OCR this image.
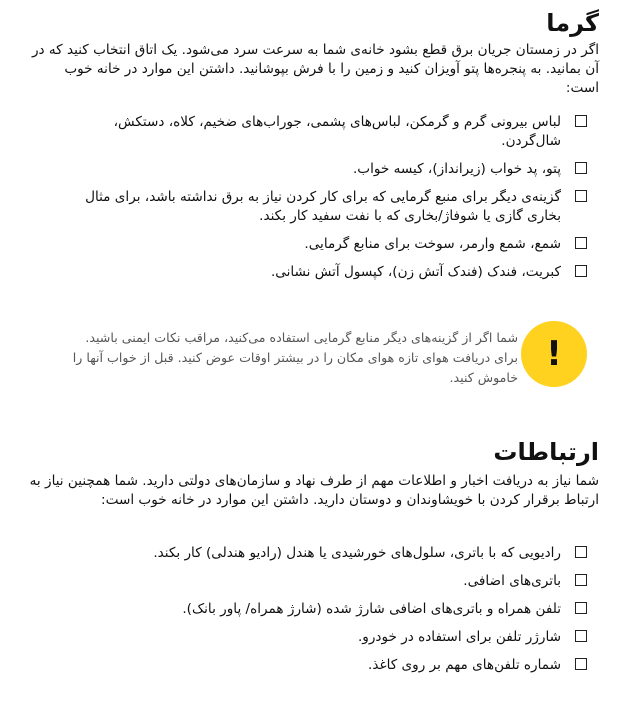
گرما

اگر در زمستان جریان برق قطع بشود خانه‌ی شما به سرعت سرد می‌شود. یک اتاق انتخاب کنید که در آن بمانید. به پنجره‌ها پتو آویزان کنید و زمین را با فرش بپوشانید. داشتن این موارد در خانه خوب است:

لباس بیرونی گرم و گرمکن، لباس‌های پشمی، جوراب‌های ضخیم، کلاه، دستکش، شال‌گردن.
پتو، پد خواب (زیرانداز)، کیسه خواب.
گزینه‌ی دیگر برای منبع گرمایی که برای کار کردن نیاز به برق نداشته باشد، برای مثال بخاری گازی یا شوفاژ/بخاری که با نفت سفید کار بکند.
شمع، شمع وارمر، سوخت برای منابع گرمایی.
کبریت، فندک (فندک آتش زن)، کپسول آتش نشانی.
!

شما اگر از گزینه‌های دیگر منابع گرمایی استفاده می‌کنید، مراقب نکات ایمنی باشید. برای دریافت هوای تازه هوای مکان را در بیشتر اوقات عوض کنید. قبل از خواب آنها را خاموش کنید.

ارتباطات

شما نیاز به دریافت اخبار و اطلاعات مهم از طرف نهاد و سازمان‌های دولتی دارید. شما همچنین نیاز به ارتباط برقرار کردن با خویشاوندان و دوستان دارید. داشتن این موارد در خانه خوب است:

رادیویی که با باتری، سلول‌های خورشیدی یا هندل (رادیو هندلی) کار بکند.
باتری‌های اضافی.
تلفن همراه و باتری‌های اضافی شارژ شده (شارژ همراه/ پاور بانک).
شارژر تلفن برای استفاده در خودرو.
شماره تلفن‌های مهم بر روی کاغذ.
